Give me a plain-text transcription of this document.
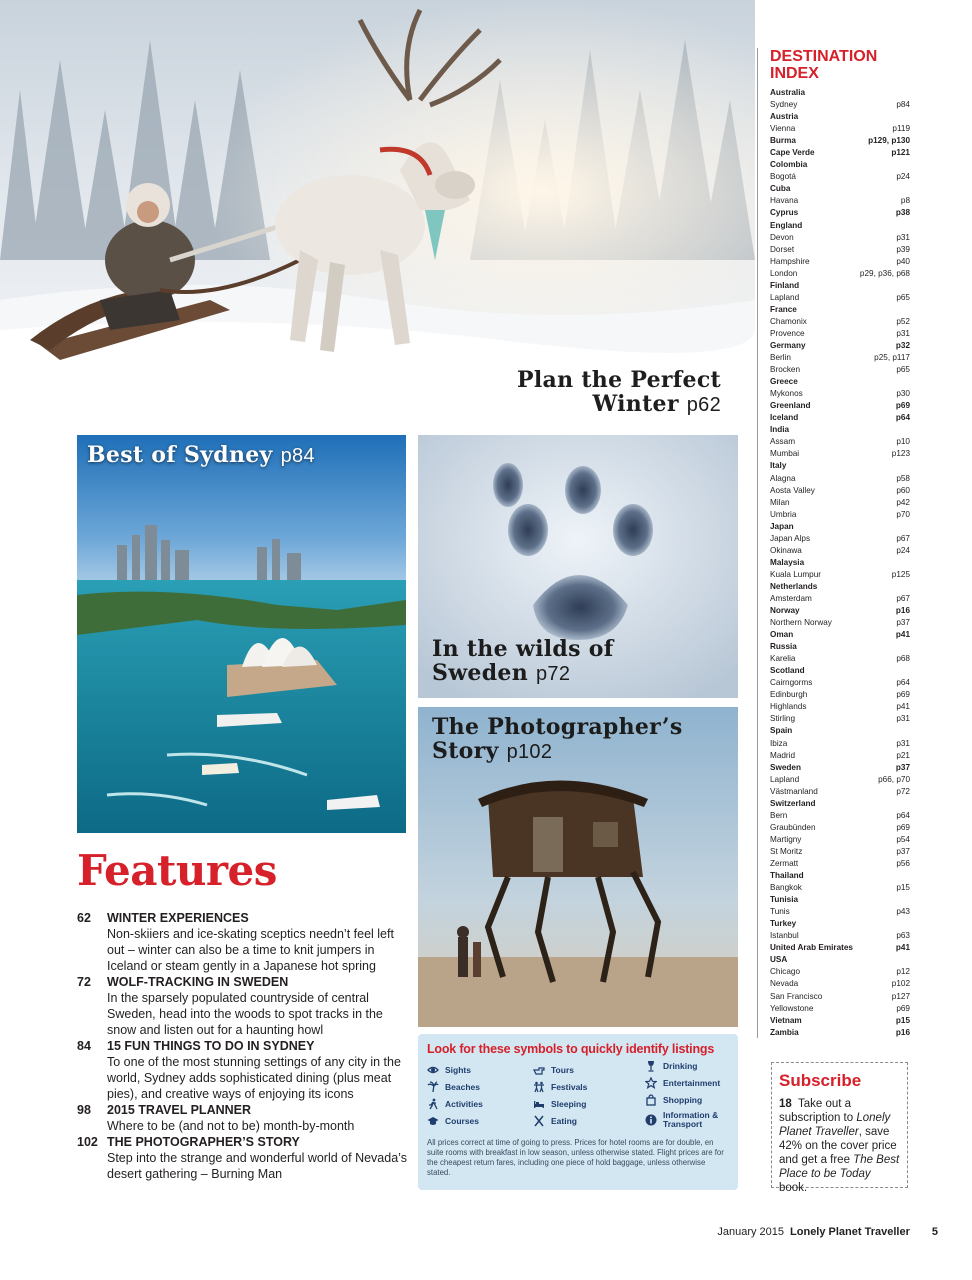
Plan the Perfect
Winter p62
Best of Sydney p84
In the wilds of
Sweden p72
The Photographer’s
Story p102
Features
62	WINTER EXPERIENCES
Non-skiiers and ice-skating sceptics needn’t feel left out – winter can also be a time to knit jumpers in Iceland or steam gently in a Japanese hot spring
72	WOLF-TRACKING IN SWEDEN
In the sparsely populated countryside of central Sweden, head into the woods to spot tracks in the snow and listen out for a haunting howl
84	15 FUN THINGS TO DO IN SYDNEY
To one of the most stunning settings of any city in the world, Sydney adds sophisticated dining (plus meat pies), and creative ways of enjoying its icons
98	2015 TRAVEL PLANNER
Where to be (and not to be) month-by-month
102 THE PHOTOGRAPHER’S STORY
Step into the strange and wonderful world of Nevada’s desert gathering – Burning Man
Look for these symbols to quickly identify listings
Sights
Beaches
Activities
Courses
Tours
Festivals
Sleeping
Eating
Drinking
Entertainment
Shopping
Information & Transport
All prices correct at time of going to press. Prices for hotel rooms are for double, en suite rooms with breakfast in low season, unless otherwise stated. Flight prices are for the cheapest return fares, including one piece of hold baggage, unless otherwise stated.
DESTINATION
INDEX
Australia
Sydney	p84
Austria
Vienna	p119
Burma	p129, p130
Cape Verde	p121
Colombia
Bogotá	p24
Cuba
Havana	p8
Cyprus	p38
England
Devon	p31
Dorset	p39
Hampshire	p40
London	p29, p36, p68
Finland
Lapland	p65
France
Chamonix	p52
Provence	p31
Germany	p32
Berlin	p25, p117
Brocken	p65
Greece
Mykonos	p30
Greenland	p69
Iceland	p64
India
Assam	p10
Mumbai	p123
Italy
Alagna	p58
Aosta Valley	p60
Milan	p42
Umbria	p70
Japan
Japan Alps	p67
Okinawa	p24
Malaysia
Kuala Lumpur	p125
Netherlands
Amsterdam	p67
Norway	p16
Northern Norway	p37
Oman	p41
Russia
Karelia	p68
Scotland
Cairngorms	p64
Edinburgh	p69
Highlands	p41
Stirling	p31
Spain
Ibiza	p31
Madrid	p21
Sweden	p37
Lapland	p66, p70
Västmanland	p72
Switzerland
Bern	p64
Graubünden	p69
Martigny	p54
St Moritz	p37
Zermatt	p56
Thailand
Bangkok	p15
Tunisia
Tunis	p43
Turkey
Istanbul	p63
United Arab Emirates	p41
USA
Chicago	p12
Nevada	p102
San Francisco	p127
Yellowstone	p69
Vietnam	p15
Zambia	p16
Subscribe
18 Take out a subscription to Lonely Planet Traveller, save 42% on the cover price and get a free The Best Place to be Today book.
January 2015 Lonely Planet Traveller 5
